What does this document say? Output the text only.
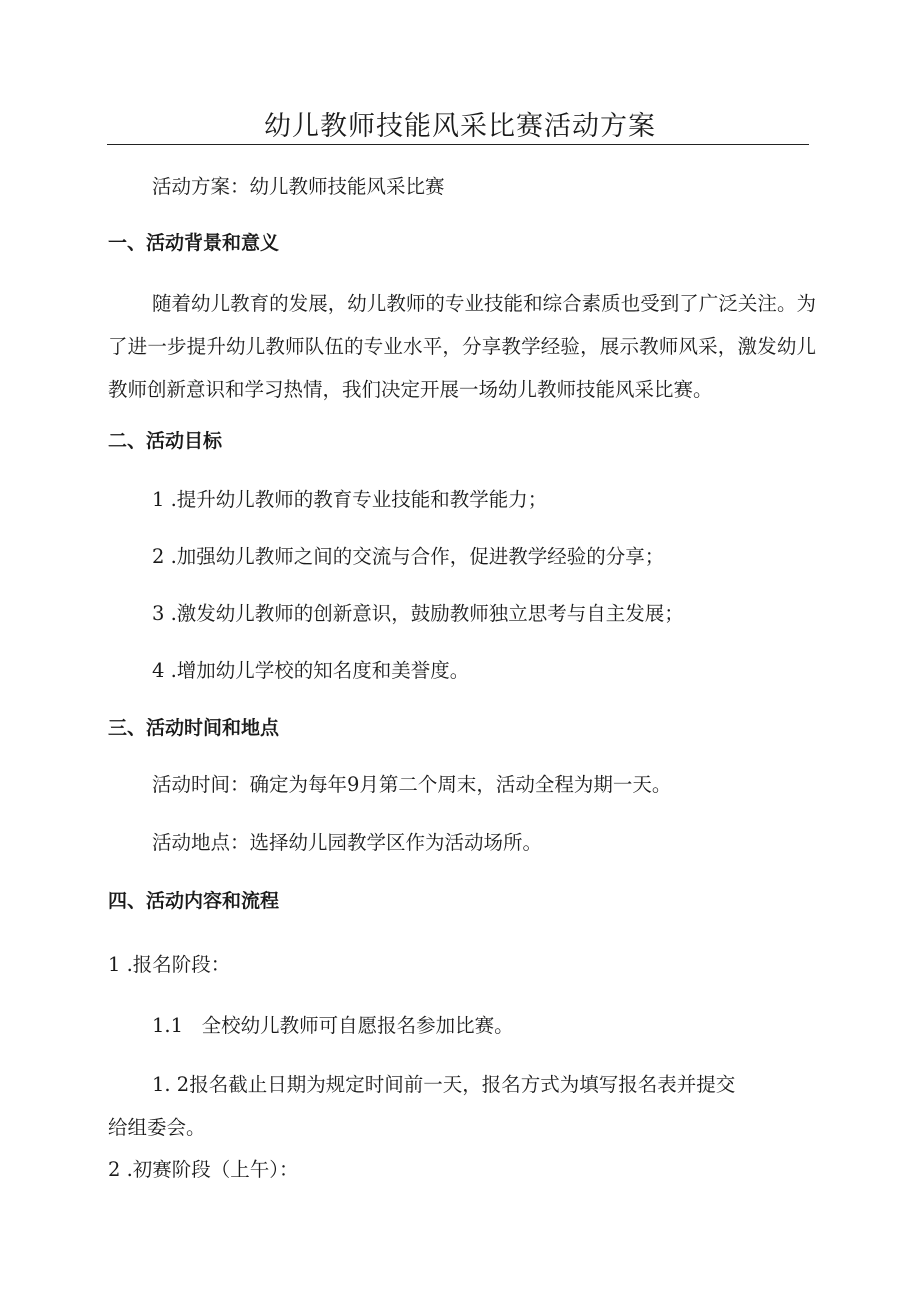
幼儿教师技能风采比赛活动方案
活动方案：幼儿教师技能风采比赛
一、活动背景和意义
随着幼儿教育的发展，幼儿教师的专业技能和综合素质也受到了广泛关注。为了进一步提升幼儿教师队伍的专业水平，分享教学经验，展示教师风采，激发幼儿教师创新意识和学习热情，我们决定开展一场幼儿教师技能风采比赛。
二、活动目标
1 .提升幼儿教师的教育专业技能和教学能力；
2 .加强幼儿教师之间的交流与合作，促进教学经验的分享；
3 .激发幼儿教师的创新意识，鼓励教师独立思考与自主发展；
4 .增加幼儿学校的知名度和美誉度。
三、活动时间和地点
活动时间：确定为每年9月第二个周末，活动全程为期一天。
活动地点：选择幼儿园教学区作为活动场所。
四、活动内容和流程
1 .报名阶段：
1.1   全校幼儿教师可自愿报名参加比赛。
1. 2报名截止日期为规定时间前一天，报名方式为填写报名表并提交
给组委会。
2 .初赛阶段（上午）：
